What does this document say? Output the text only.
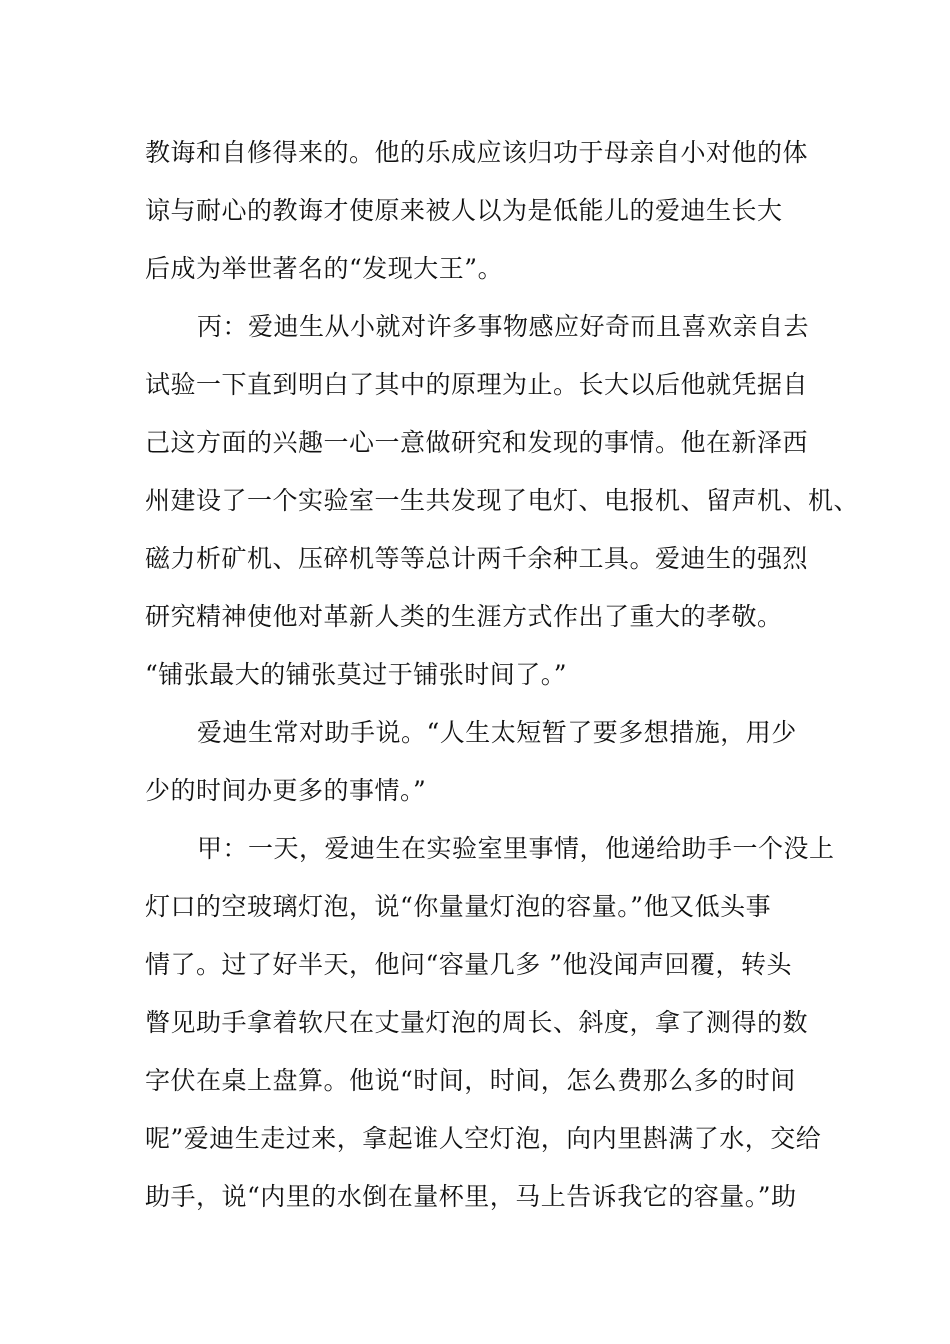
教诲和自修得来的。他的乐成应该归功于母亲自小对他的体
谅与耐心的教诲才使原来被人以为是低能儿的爱迪生长大
后成为举世著名的“发现大王”。
丙：爱迪生从小就对许多事物感应好奇而且喜欢亲自去
试验一下直到明白了其中的原理为止。长大以后他就凭据自
己这方面的兴趣一心一意做研究和发现的事情。他在新泽西
州建设了一个实验室一生共发现了电灯、电报机、留声机、机、
磁力析矿机、压碎机等等总计两千余种工具。爱迪生的强烈
研究精神使他对革新人类的生涯方式作出了重大的孝敬。
“铺张最大的铺张莫过于铺张时间了。”
爱迪生常对助手说。“人生太短暂了要多想措施，用少
少的时间办更多的事情。”
甲：一天，爱迪生在实验室里事情，他递给助手一个没上
灯口的空玻璃灯泡，说“你量量灯泡的容量。”他又低头事
情了。过了好半天，他问“容量几多 ”他没闻声回覆，转头
瞥见助手拿着软尺在丈量灯泡的周长、斜度，拿了测得的数
字伏在桌上盘算。他说“时间，时间，怎么费那么多的时间
呢”爱迪生走过来，拿起谁人空灯泡，向内里斟满了水，交给
助手，说“内里的水倒在量杯里，马上告诉我它的容量。”助
